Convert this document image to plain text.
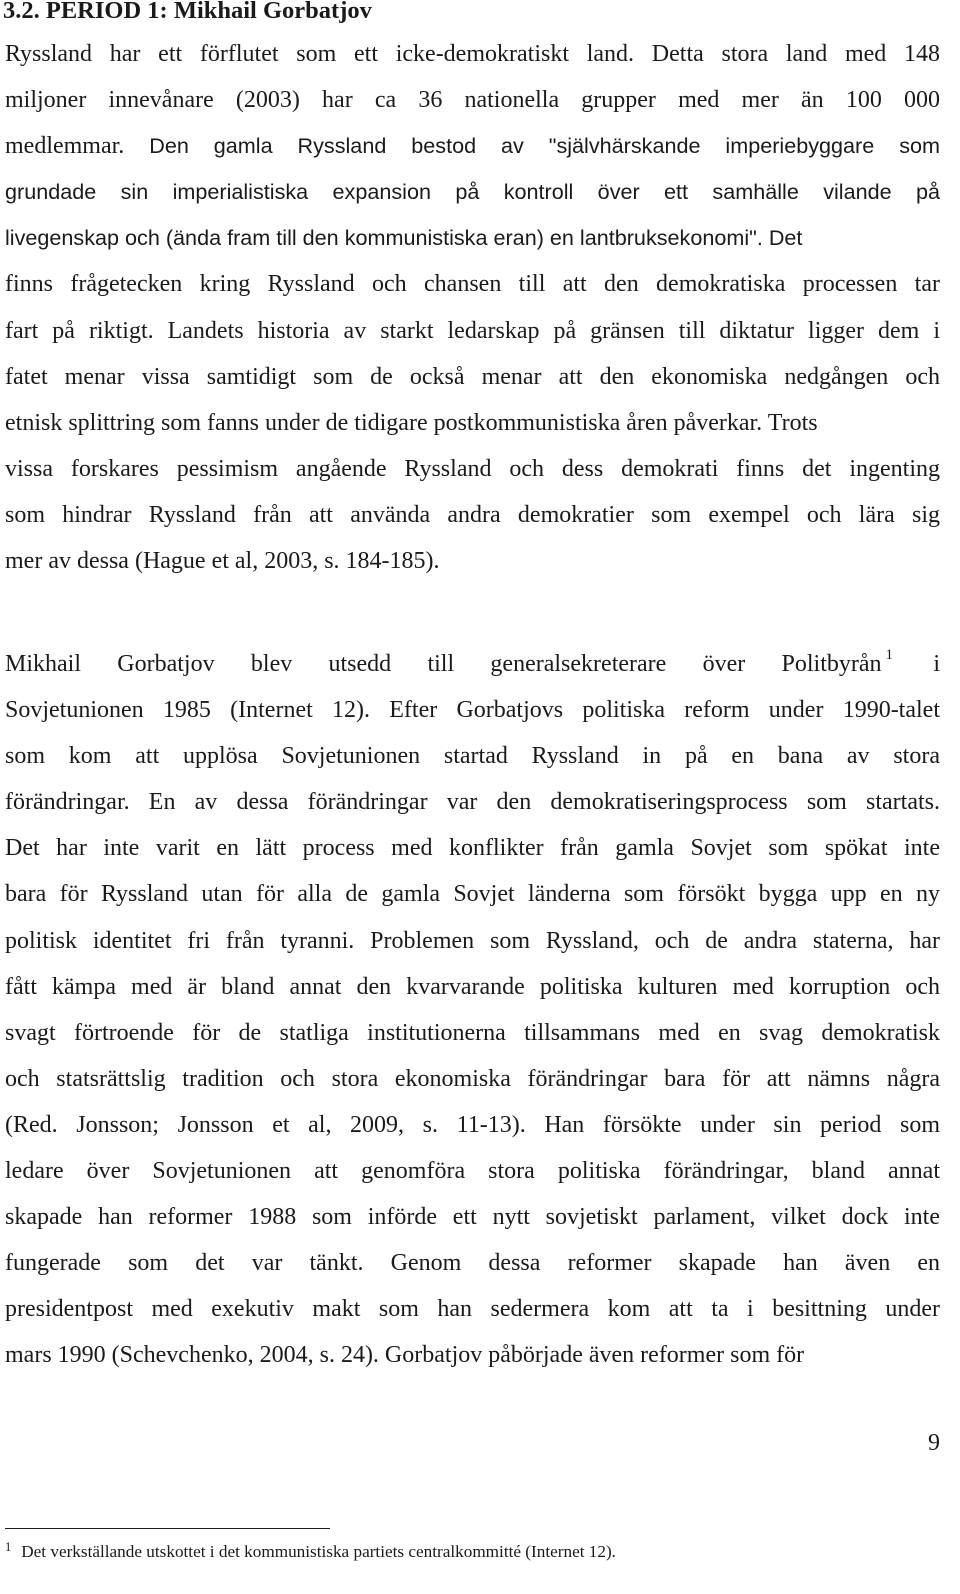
3.2. PERIOD 1: Mikhail Gorbatjov
Ryssland har ett förflutet som ett icke-demokratiskt land. Detta stora land med 148
miljoner innevånare (2003) har ca 36 nationella grupper med mer än 100 000
medlemmar. Den gamla Ryssland bestod av "självhärskande imperiebyggare som
grundade sin imperialistiska expansion på kontroll över ett samhälle vilande på
livegenskap och (ända fram till den kommunistiska eran) en lantbruksekonomi". Det
finns frågetecken kring Ryssland och chansen till att den demokratiska processen tar
fart på riktigt. Landets historia av starkt ledarskap på gränsen till diktatur ligger dem i
fatet menar vissa samtidigt som de också menar att den ekonomiska nedgången och
etnisk splittring som fanns under de tidigare postkommunistiska åren påverkar. Trots
vissa forskares pessimism angående Ryssland och dess demokrati finns det ingenting
som hindrar Ryssland från att använda andra demokratier som exempel och lära sig
mer av dessa (Hague et al, 2003, s. 184-185).
Mikhail Gorbatjov blev utsedd till generalsekreterare över Politbyrån $^1$ i
Sovjetunionen 1985 (Internet 12). Efter Gorbatjovs politiska reform under 1990-talet
som kom att upplösa Sovjetunionen startad Ryssland in på en bana av stora
förändringar. En av dessa förändringar var den demokratiseringsprocess som startats.
Det har inte varit en lätt process med konflikter från gamla Sovjet som spökat inte
bara för Ryssland utan för alla de gamla Sovjet länderna som försökt bygga upp en ny
politisk identitet fri från tyranni. Problemen som Ryssland, och de andra staterna, har
fått kämpa med är bland annat den kvarvarande politiska kulturen med korruption och
svagt förtroende för de statliga institutionerna tillsammans med en svag demokratisk
och statsrättslig tradition och stora ekonomiska förändringar bara för att nämns några
(Red. Jonsson; Jonsson et al, 2009, s. 11-13). Han försökte under sin period som
ledare över Sovjetunionen att genomföra stora politiska förändringar, bland annat
skapade han reformer 1988 som införde ett nytt sovjetiskt parlament, vilket dock inte
fungerade som det var tänkt. Genom dessa reformer skapade han även en
presidentpost med exekutiv makt som han sedermera kom att ta i besittning under
mars 1990 (Schevchenko, 2004, s. 24). Gorbatjov påbörjade även reformer som för

9

$^1$ Det verkställande utskottet i det kommunistiska partiets centralkommitté (Internet 12).
